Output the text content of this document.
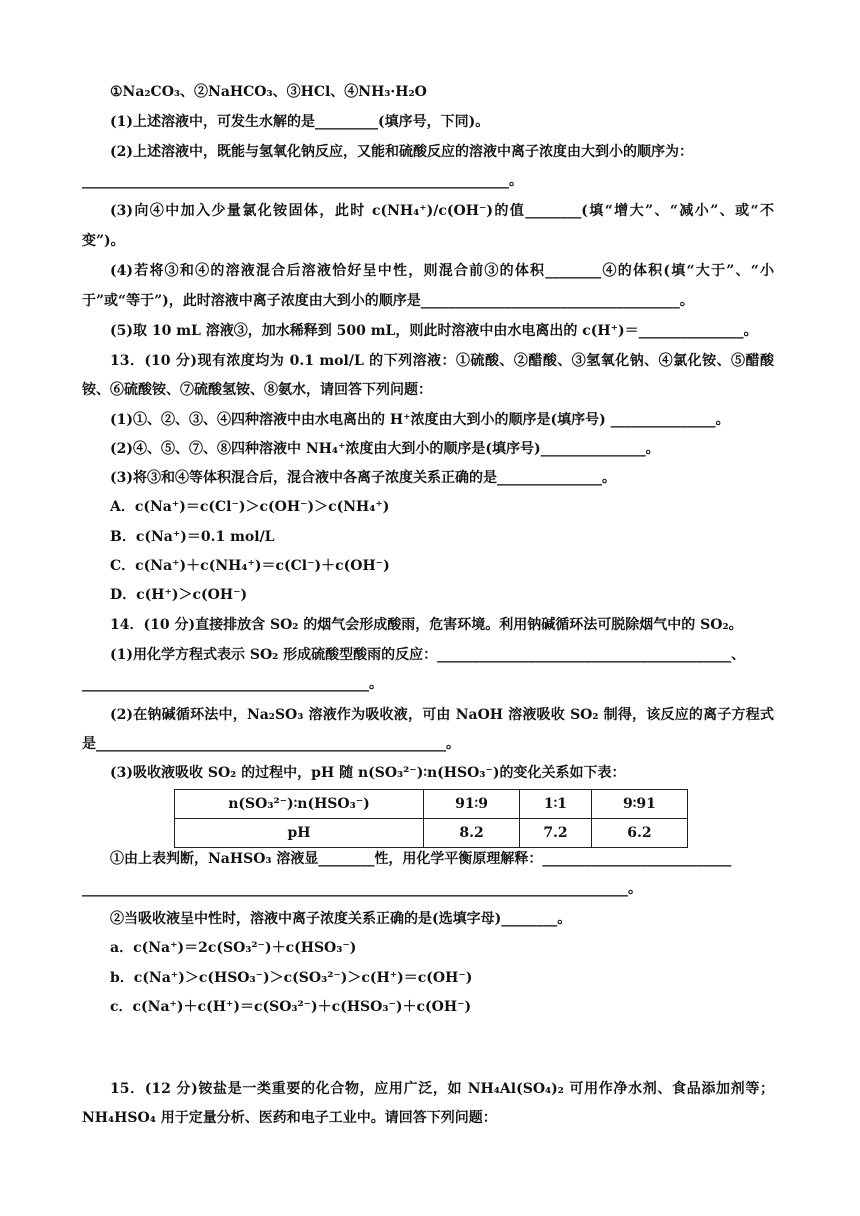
①Na₂CO₃、②NaHCO₃、③HCl、④NH₃·H₂O
(1)上述溶液中，可发生水解的是_________(填序号，下同)。
(2)上述溶液中，既能与氢氧化钠反应，又能和硫酸反应的溶液中离子浓度由大到小的顺序为：
_____________________________________________________________。
(3)向④中加入少量氯化铵固体，此时 c(NH₄⁺)/c(OH⁻)的值________(填“增大”、“减小”、或“不
变”)。
(4)若将③和④的溶液混合后溶液恰好呈中性，则混合前③的体积________④的体积(填“大于”、“小
于”或“等于”)，此时溶液中离子浓度由大到小的顺序是_____________________________________。
(5)取 10 mL 溶液③，加水稀释到 500 mL，则此时溶液中由水电离出的 c(H⁺)＝_______________。
13．(10 分)现有浓度均为 0.1 mol/L 的下列溶液：①硫酸、②醋酸、③氢氧化钠、④氯化铵、⑤醋酸
铵、⑥硫酸铵、⑦硫酸氢铵、⑧氨水，请回答下列问题：
(1)①、②、③、④四种溶液中由水电离出的 H⁺浓度由大到小的顺序是(填序号) _______________。
(2)④、⑤、⑦、⑧四种溶液中 NH₄⁺浓度由大到小的顺序是(填序号)_______________。
(3)将③和④等体积混合后，混合液中各离子浓度关系正确的是_______________。
A．c(Na⁺)＝c(Cl⁻)＞c(OH⁻)＞c(NH₄⁺)
B．c(Na⁺)＝0.1 mol/L
C．c(Na⁺)＋c(NH₄⁺)＝c(Cl⁻)＋c(OH⁻)
D．c(H⁺)＞c(OH⁻)
14．(10 分)直接排放含 SO₂ 的烟气会形成酸雨，危害环境。利用钠碱循环法可脱除烟气中的 SO₂。
(1)用化学方程式表示 SO₂ 形成硫酸型酸雨的反应：__________________________________________、
_________________________________________。
(2)在钠碱循环法中，Na₂SO₃ 溶液作为吸收液，可由 NaOH 溶液吸收 SO₂ 制得，该反应的离子方程式
是__________________________________________________。
(3)吸收液吸收 SO₂ 的过程中，pH 随 n(SO₃²⁻)∶n(HSO₃⁻)的变化关系如下表：
n(SO₃²⁻)∶n(HSO₃⁻)	91∶9	1∶1	9∶91
pH	8.2	7.2	6.2
①由上表判断，NaHSO₃ 溶液显________性，用化学平衡原理解释：___________________________
______________________________________________________________________________。
②当吸收液呈中性时，溶液中离子浓度关系正确的是(选填字母)________。
a．c(Na⁺)＝2c(SO₃²⁻)＋c(HSO₃⁻)
b．c(Na⁺)＞c(HSO₃⁻)＞c(SO₃²⁻)＞c(H⁺)＝c(OH⁻)
c．c(Na⁺)＋c(H⁺)＝c(SO₃²⁻)＋c(HSO₃⁻)＋c(OH⁻)
15．(12 分)铵盐是一类重要的化合物，应用广泛，如 NH₄Al(SO₄)₂ 可用作净水剂、食品添加剂等；
NH₄HSO₄ 用于定量分析、医药和电子工业中。请回答下列问题：
